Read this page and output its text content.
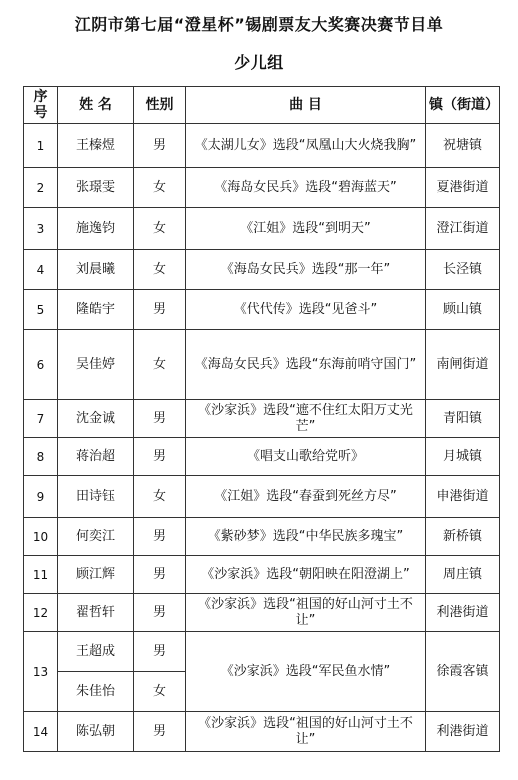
江阴市第七届“澄星杯”锡剧票友大奖赛决赛节目单
少儿组
序号	姓 名	性别	曲 目	镇（街道）
1	王榛煜	男	《太湖儿女》选段“凤凰山大火烧我胸”	祝塘镇
2	张璟雯	女	《海岛女民兵》选段“碧海蓝天”	夏港街道
3	施逸钧	女	《江姐》选段“到明天”	澄江街道
4	刘晨曦	女	《海岛女民兵》选段“那一年”	长泾镇
5	隆皓宇	男	《代代传》选段“见爸斗”	顾山镇
6	吴佳婷	女	《海岛女民兵》选段“东海前哨守国门”	南闸街道
7	沈金诚	男	《沙家浜》选段“遮不住红太阳万丈光芒”	青阳镇
8	蒋治超	男	《唱支山歌给党听》	月城镇
9	田诗钰	女	《江姐》选段“春蚕到死丝方尽”	申港街道
10	何奕江	男	《紫砂梦》选段“中华民族多瑰宝”	新桥镇
11	顾江辉	男	《沙家浜》选段“朝阳映在阳澄湖上”	周庄镇
12	翟哲轩	男	《沙家浜》选段“祖国的好山河寸土不让”	利港街道
13	王超成	男	《沙家浜》选段“军民鱼水情”	徐霞客镇
	朱佳怡	女		
14	陈弘朝	男	《沙家浜》选段“祖国的好山河寸土不让”	利港街道
